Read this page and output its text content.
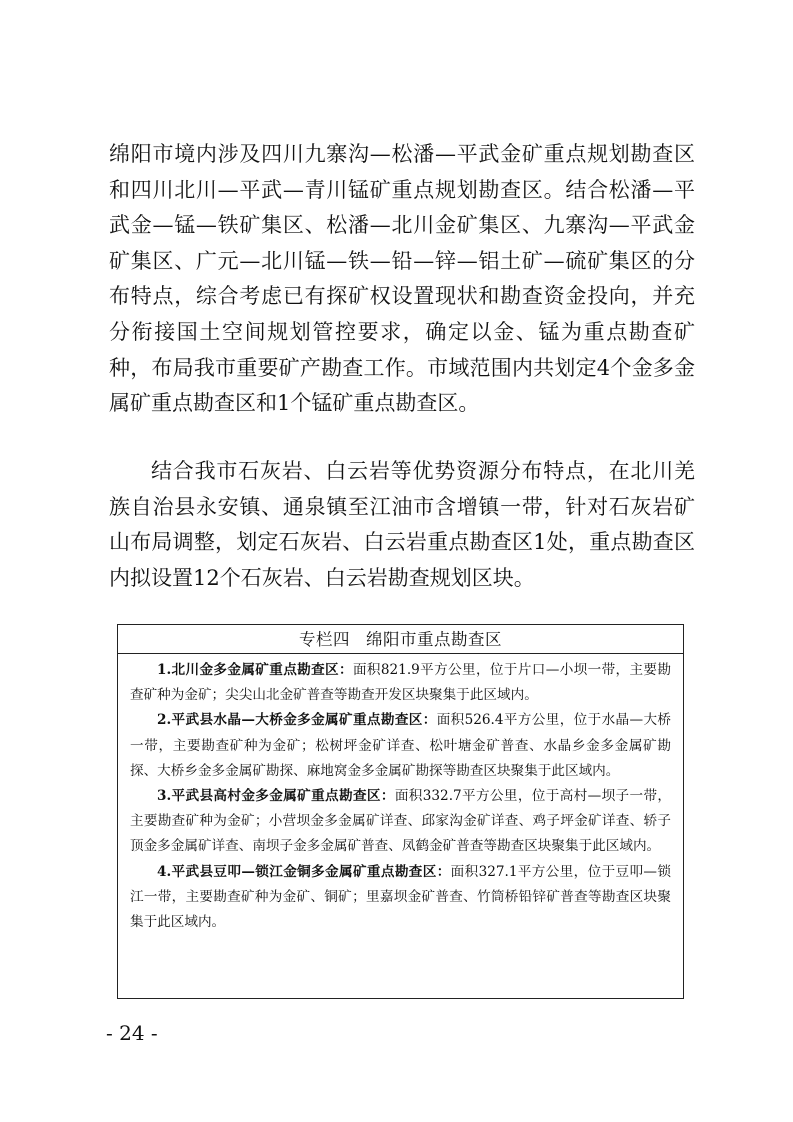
绵阳市境内涉及四川九寨沟—松潘—平武金矿重点规划勘查区和四川北川—平武—青川锰矿重点规划勘查区。结合松潘—平武金—锰—铁矿集区、松潘—北川金矿集区、九寨沟—平武金矿集区、广元—北川锰—铁—铅—锌—铝土矿—硫矿集区的分布特点，综合考虑已有探矿权设置现状和勘查资金投向，并充分衔接国土空间规划管控要求，确定以金、锰为重点勘查矿种，布局我市重要矿产勘查工作。市域范围内共划定4个金多金属矿重点勘查区和1个锰矿重点勘查区。

结合我市石灰岩、白云岩等优势资源分布特点，在北川羌族自治县永安镇、通泉镇至江油市含增镇一带，针对石灰岩矿山布局调整，划定石灰岩、白云岩重点勘查区1处，重点勘查区内拟设置12个石灰岩、白云岩勘查规划区块。

专栏四 绵阳市重点勘查区

1.北川金多金属矿重点勘查区：面积821.9平方公里，位于片口—小坝一带，主要勘查矿种为金矿；尖尖山北金矿普查等勘查开发区块聚集于此区域内。

2.平武县水晶—大桥金多金属矿重点勘查区：面积526.4平方公里，位于水晶—大桥一带，主要勘查矿种为金矿；松树坪金矿详查、松叶塘金矿普查、水晶乡金多金属矿勘探、大桥乡金多金属矿勘探、麻地窝金多金属矿勘探等勘查区块聚集于此区域内。

3.平武县高村金多金属矿重点勘查区：面积332.7平方公里，位于高村—坝子一带，主要勘查矿种为金矿；小营坝金多金属矿详查、邱家沟金矿详查、鸡子坪金矿详查、轿子顶金多金属矿详查、南坝子金多金属矿普查、凤鹤金矿普查等勘查区块聚集于此区域内。

4.平武县豆叩—锁江金铜多金属矿重点勘查区：面积327.1平方公里，位于豆叩—锁江一带，主要勘查矿种为金矿、铜矿；里嘉坝金矿普查、竹筒桥铅锌矿普查等勘查区块聚集于此区域内。

- 24 -
